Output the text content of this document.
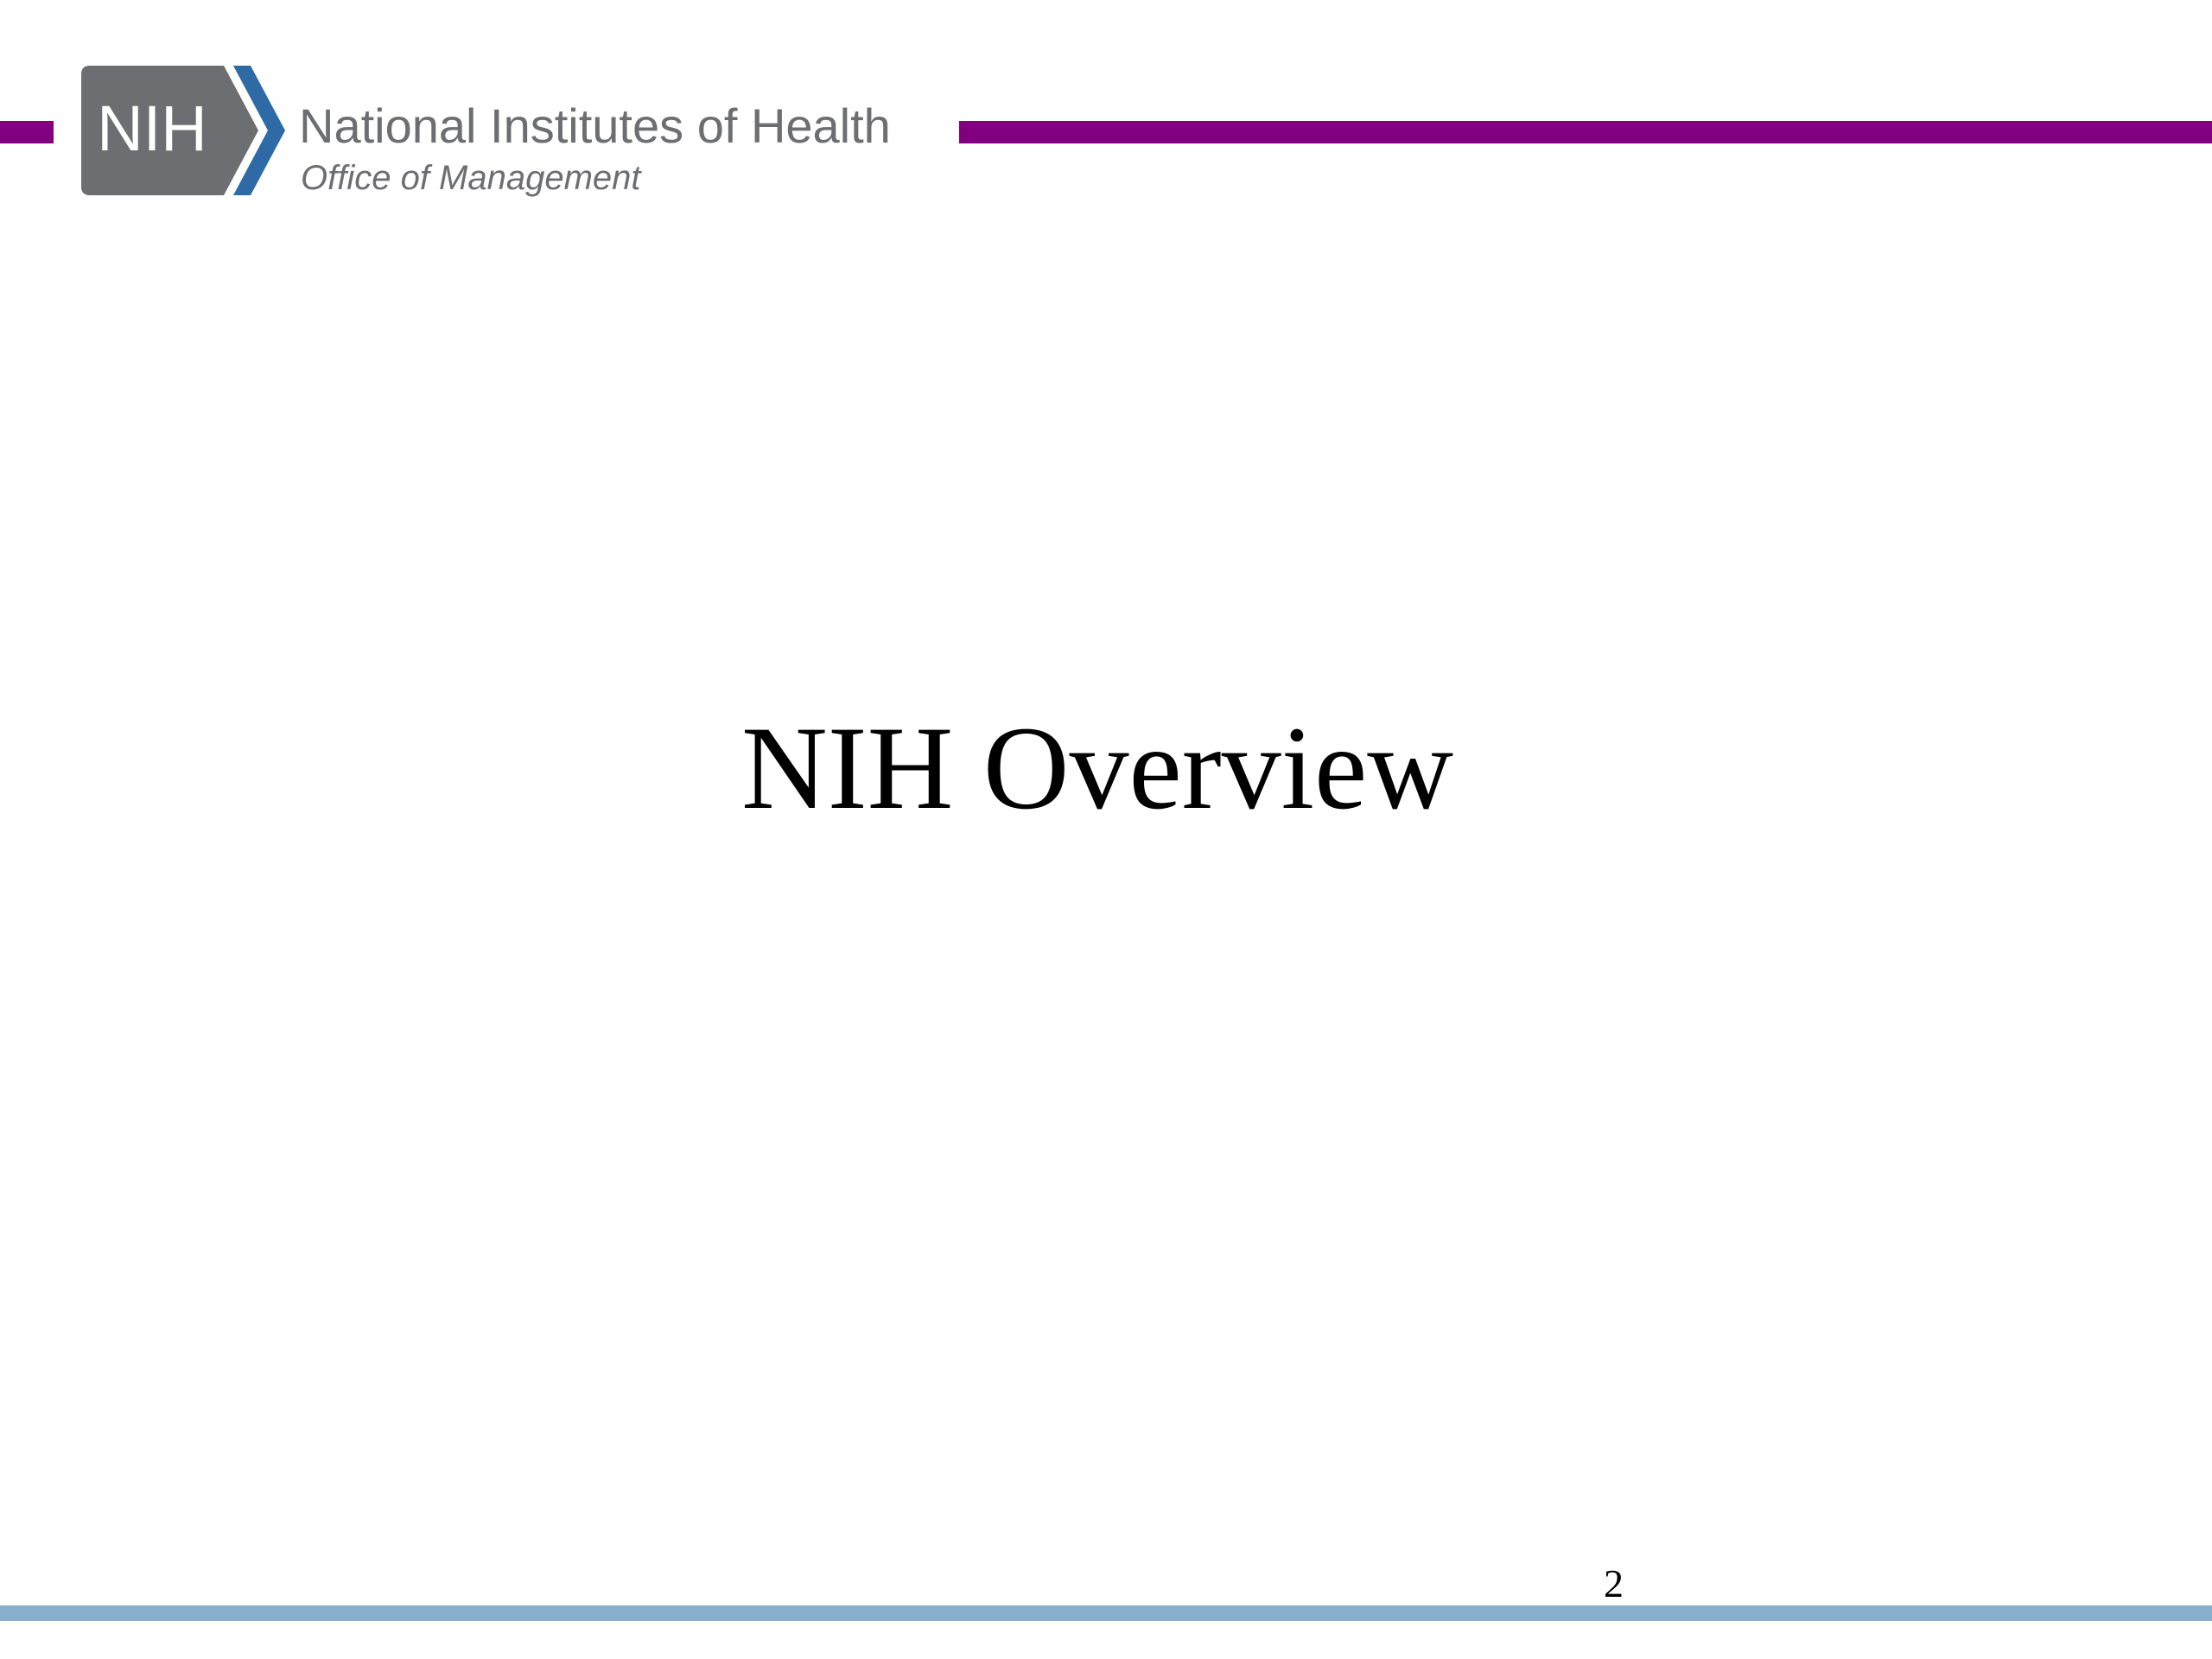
NIH National Institutes of Health
Office of Management
NIH Overview
2
